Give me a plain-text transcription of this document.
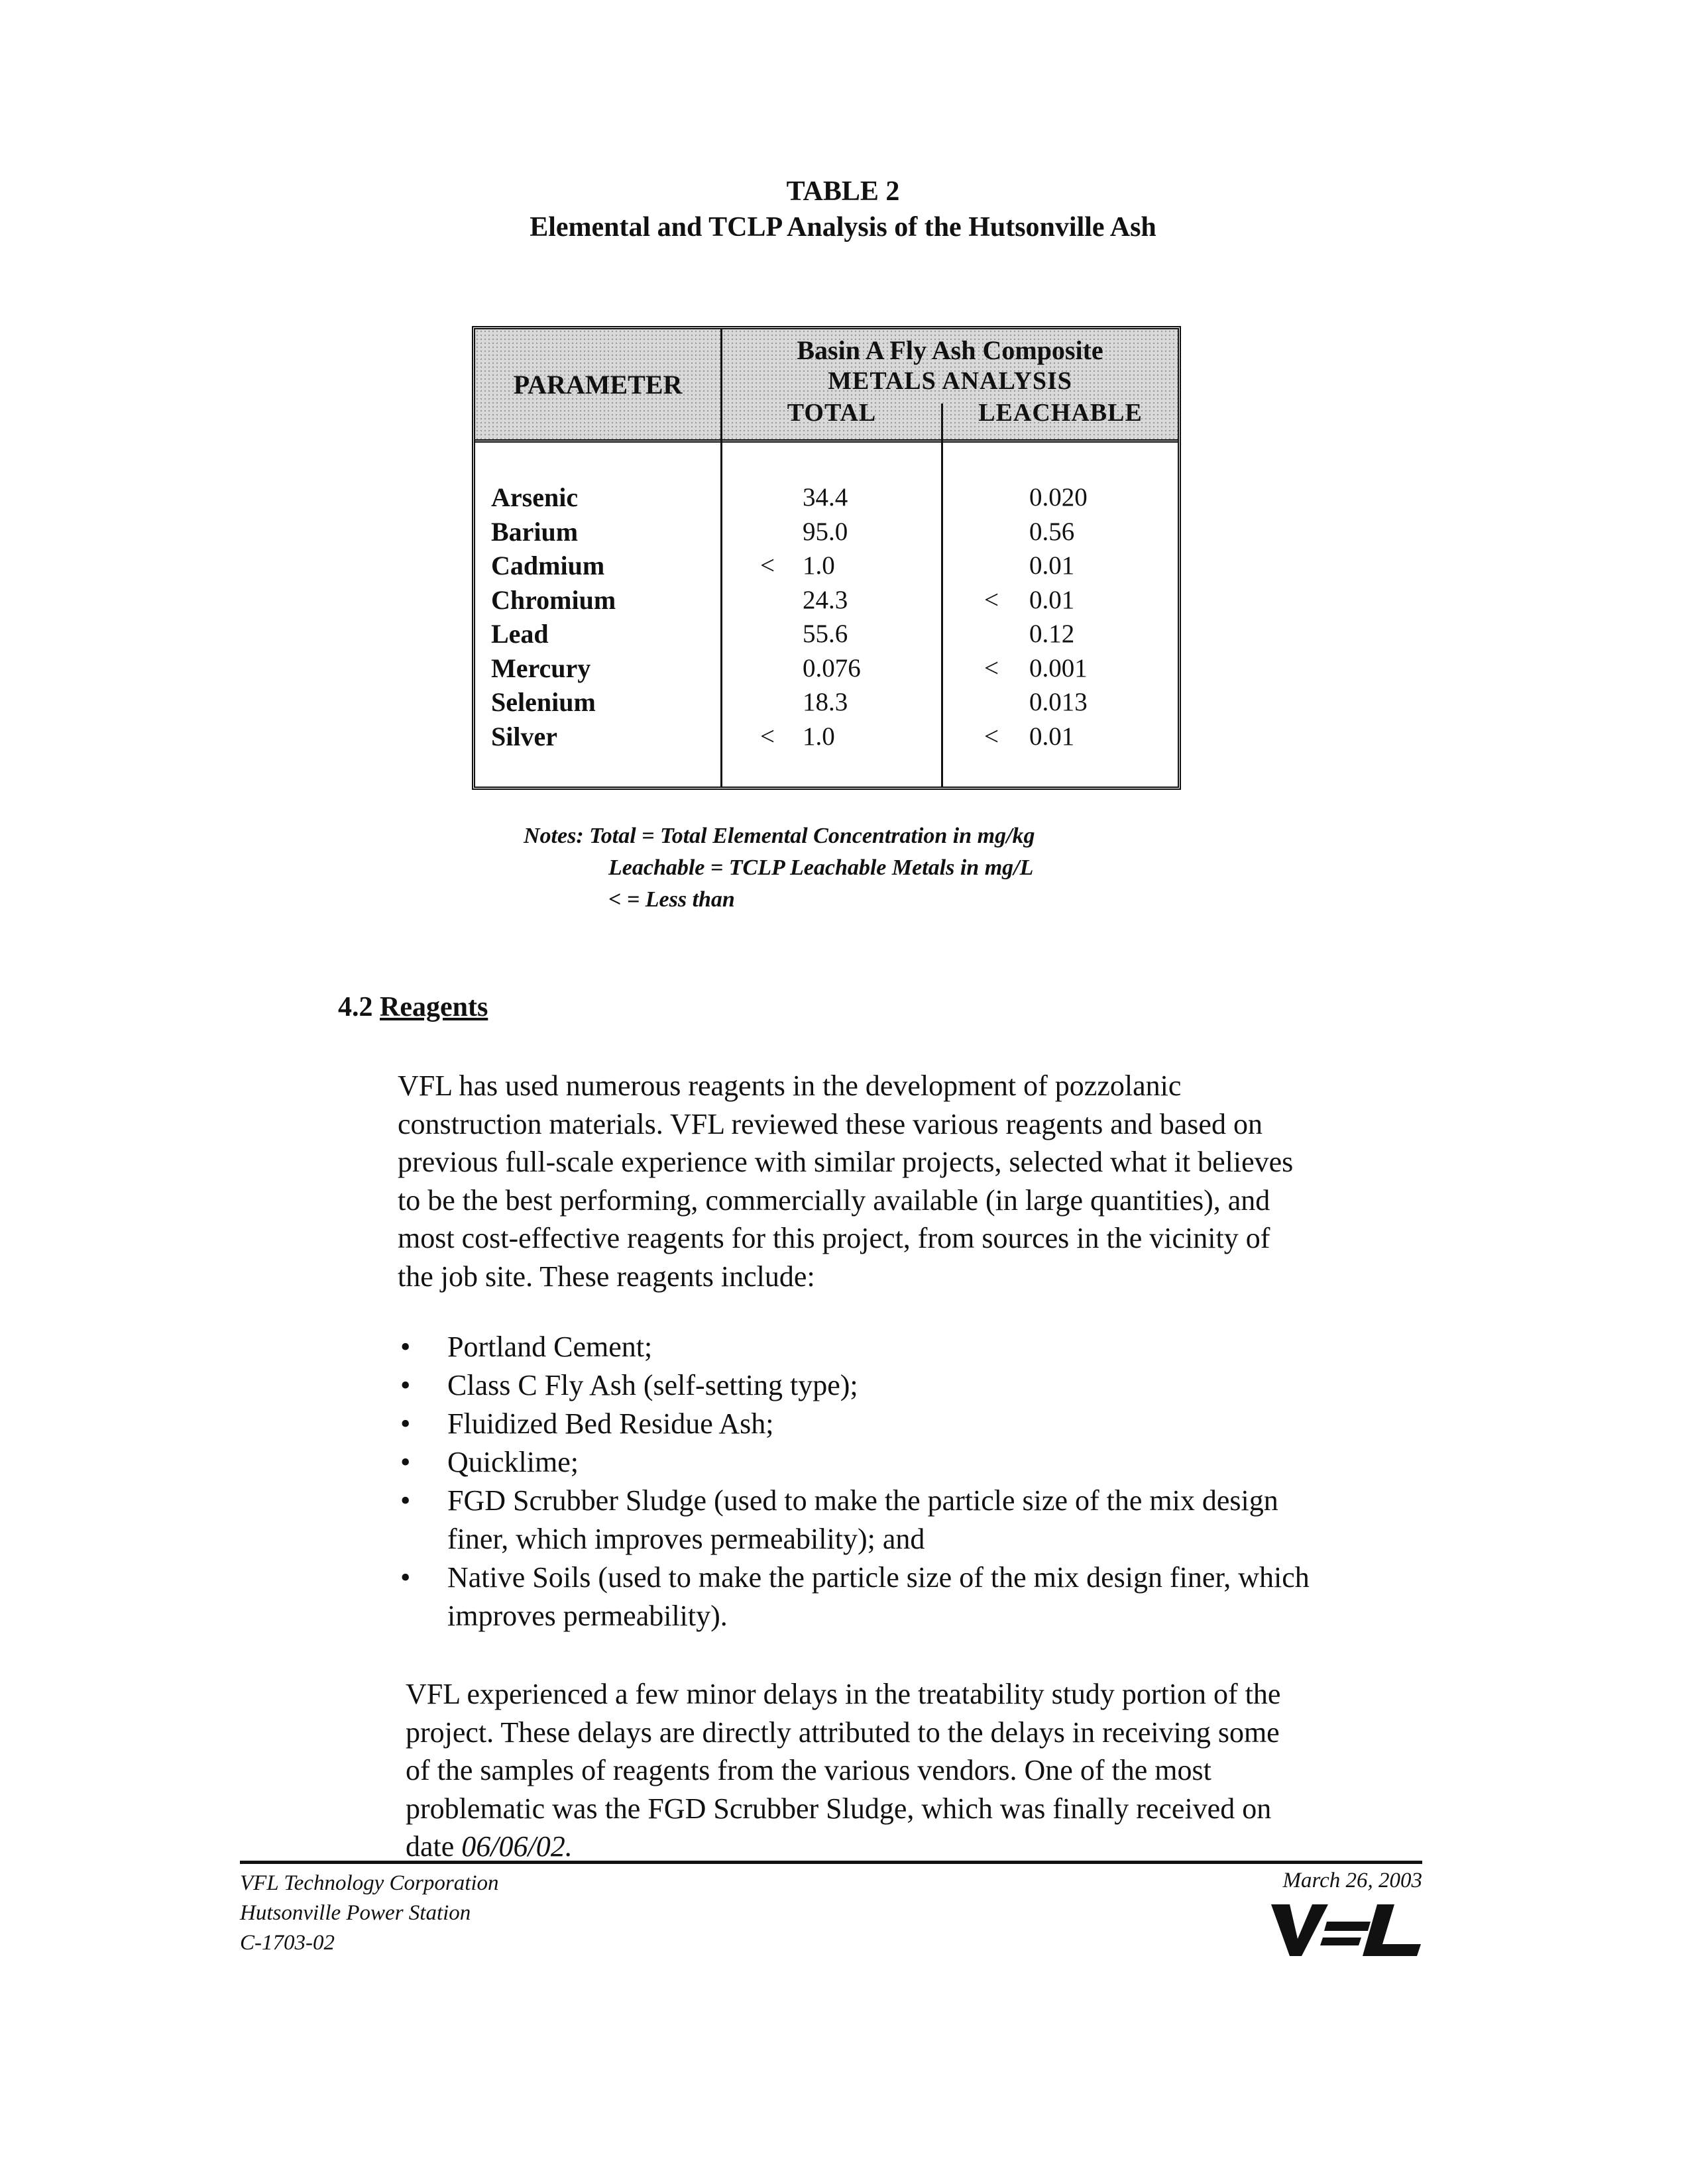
TABLE 2
Elemental and TCLP Analysis of the Hutsonville Ash
PARAMETER
Basin A Fly Ash Composite
METALS ANALYSIS
TOTAL	LEACHABLE
Arsenic
Barium
Cadmium
Chromium
Lead
Mercury
Selenium
Silver
34.4
95.0
< 1.0
24.3
55.6
0.076
18.3
< 1.0
0.020
0.56
0.01
< 0.01
0.12
< 0.001
0.013
< 0.01
Notes: Total = Total Elemental Concentration in mg/kg
Leachable = TCLP Leachable Metals in mg/L
< = Less than
4.2 Reagents
VFL has used numerous reagents in the development of pozzolanic
construction materials. VFL reviewed these various reagents and based on
previous full-scale experience with similar projects, selected what it believes
to be the best performing, commercially available (in large quantities), and
most cost-effective reagents for this project, from sources in the vicinity of
the job site. These reagents include:
• Portland Cement;
• Class C Fly Ash (self-setting type);
• Fluidized Bed Residue Ash;
• Quicklime;
• FGD Scrubber Sludge (used to make the particle size of the mix design
finer, which improves permeability); and
• Native Soils (used to make the particle size of the mix design finer, which
improves permeability).
VFL experienced a few minor delays in the treatability study portion of the
project. These delays are directly attributed to the delays in receiving some
of the samples of reagents from the various vendors. One of the most
problematic was the FGD Scrubber Sludge, which was finally received on
date 06/06/02.
VFL Technology Corporation
Hutsonville Power Station
C-1703-02
March 26, 2003
